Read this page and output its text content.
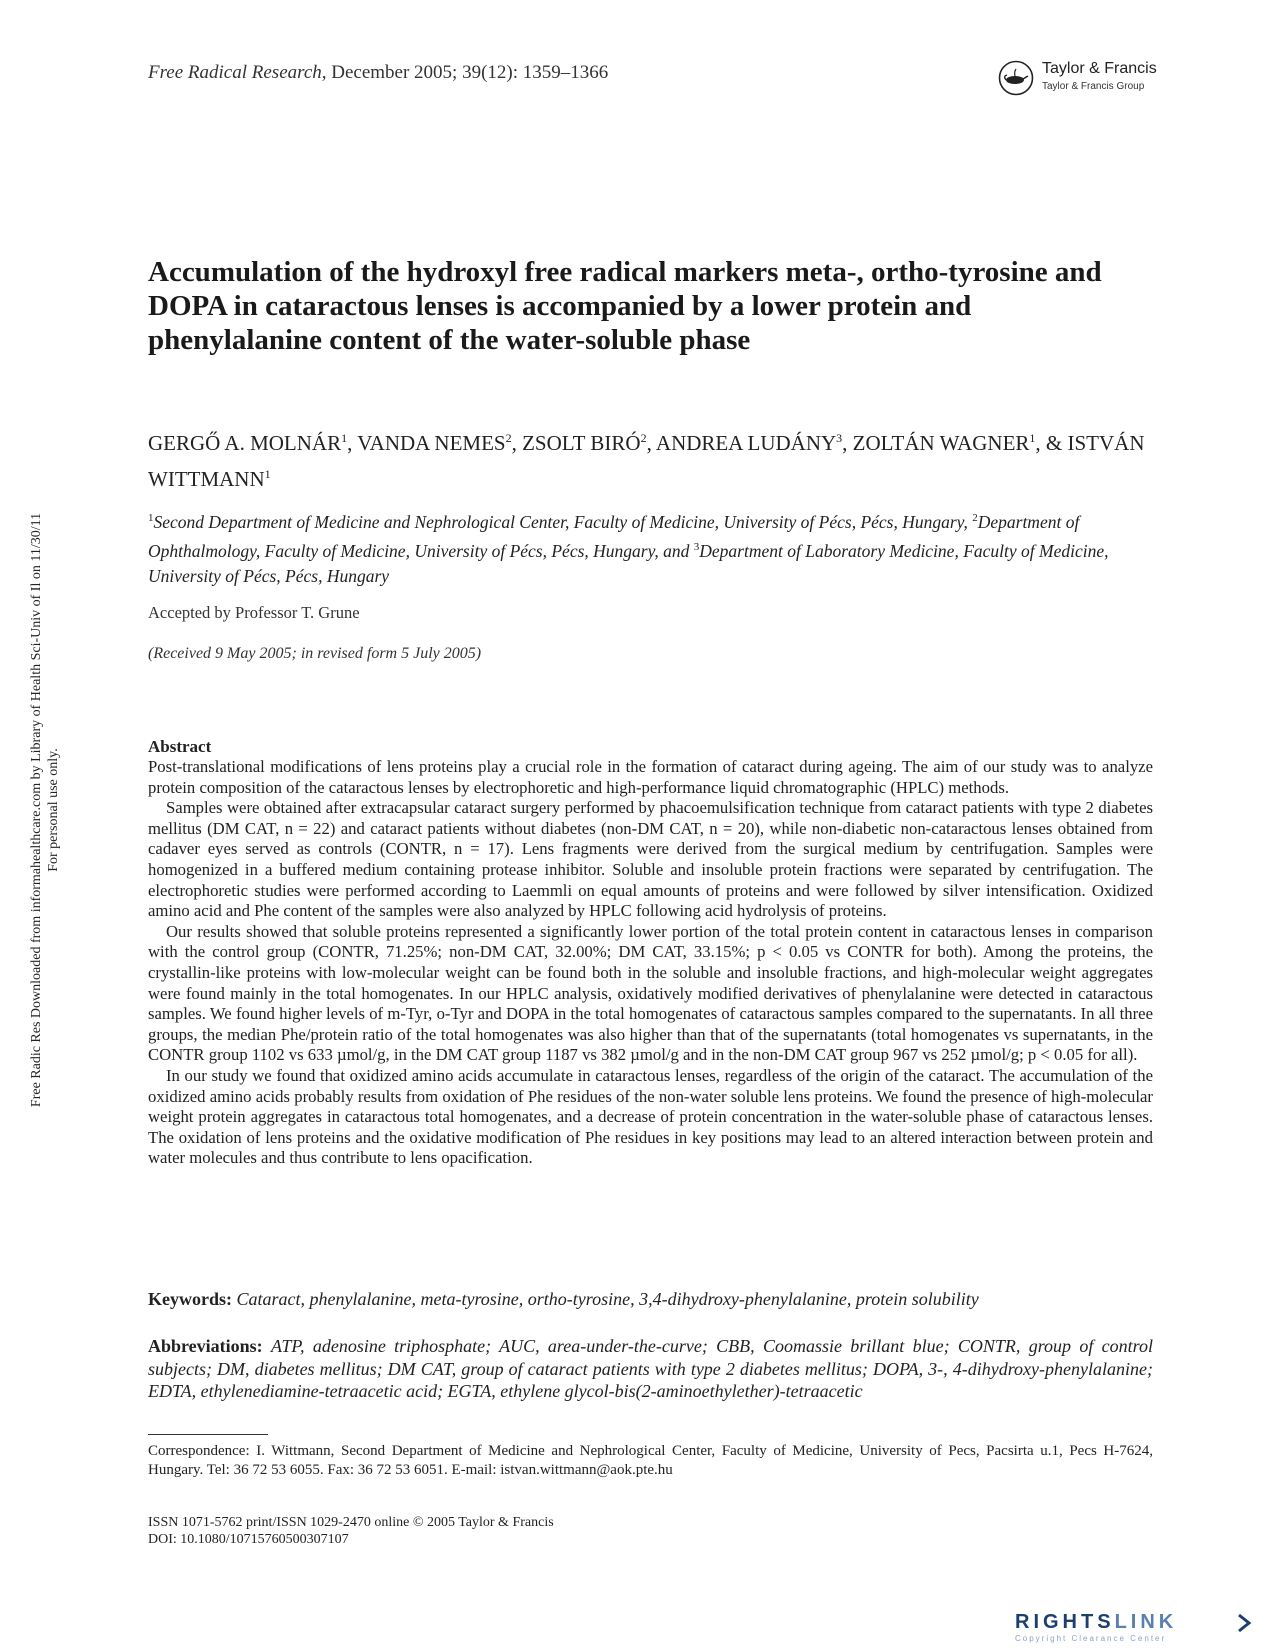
Free Radical Research, December 2005; 39(12): 1359–1366	Taylor & Francis
Taylor & Francis Group
Free Radic Res Downloaded from informahealthcare.com by Library of Health Sci-Univ of Il on 11/30/11 For personal use only.
Accumulation of the hydroxyl free radical markers meta-, ortho-tyrosine and DOPA in cataractous lenses is accompanied by a lower protein and phenylalanine content of the water-soluble phase
GERGŐ A. MOLNÁR$^1$, VANDA NEMES$^2$, ZSOLT BIRÓ$^2$, ANDREA LUDÁNY$^3$, ZOLTÁN WAGNER$^1$, & ISTVÁN WITTMANN$^1$
$^1$Second Department of Medicine and Nephrological Center, Faculty of Medicine, University of Pécs, Pécs, Hungary, $^2$Department of Ophthalmology, Faculty of Medicine, University of Pécs, Pécs, Hungary, and $^3$Department of Laboratory Medicine, Faculty of Medicine, University of Pécs, Pécs, Hungary
Accepted by Professor T. Grune
(Received 9 May 2005; in revised form 5 July 2005)
Abstract

Post-translational modifications of lens proteins play a crucial role in the formation of cataract during ageing. The aim of our study was to analyze protein composition of the cataractous lenses by electrophoretic and high-performance liquid chromatographic (HPLC) methods.

Samples were obtained after extracapsular cataract surgery performed by phacoemulsification technique from cataract patients with type 2 diabetes mellitus (DM CAT, n = 22) and cataract patients without diabetes (non-DM CAT, n = 20), while non-diabetic non-cataractous lenses obtained from cadaver eyes served as controls (CONTR, n = 17). Lens fragments were derived from the surgical medium by centrifugation. Samples were homogenized in a buffered medium containing protease inhibitor. Soluble and insoluble protein fractions were separated by centrifugation. The electrophoretic studies were performed according to Laemmli on equal amounts of proteins and were followed by silver intensification. Oxidized amino acid and Phe content of the samples were also analyzed by HPLC following acid hydrolysis of proteins.

Our results showed that soluble proteins represented a significantly lower portion of the total protein content in cataractous lenses in comparison with the control group (CONTR, 71.25%; non-DM CAT, 32.00%; DM CAT, 33.15%; p < 0.05 vs CONTR for both). Among the proteins, the crystallin-like proteins with low-molecular weight can be found both in the soluble and insoluble fractions, and high-molecular weight aggregates were found mainly in the total homogenates. In our HPLC analysis, oxidatively modified derivatives of phenylalanine were detected in cataractous samples. We found higher levels of m-Tyr, o-Tyr and DOPA in the total homogenates of cataractous samples compared to the supernatants. In all three groups, the median Phe/protein ratio of the total homogenates was also higher than that of the supernatants (total homogenates vs supernatants, in the CONTR group 1102 vs 633 µmol/g, in the DM CAT group 1187 vs 382 µmol/g and in the non-DM CAT group 967 vs 252 µmol/g; p < 0.05 for all).

In our study we found that oxidized amino acids accumulate in cataractous lenses, regardless of the origin of the cataract. The accumulation of the oxidized amino acids probably results from oxidation of Phe residues of the non-water soluble lens proteins. We found the presence of high-molecular weight protein aggregates in cataractous total homogenates, and a decrease of protein concentration in the water-soluble phase of cataractous lenses. The oxidation of lens proteins and the oxidative modification of Phe residues in key positions may lead to an altered interaction between protein and water molecules and thus contribute to lens opacification.

Keywords: Cataract, phenylalanine, meta-tyrosine, ortho-tyrosine, 3,4-dihydroxy-phenylalanine, protein solubility
Abbreviations: ATP, adenosine triphosphate; AUC, area-under-the-curve; CBB, Coomassie brillant blue; CONTR, group of control subjects; DM, diabetes mellitus; DM CAT, group of cataract patients with type 2 diabetes mellitus; DOPA, 3-, 4-dihydroxy-phenylalanine; EDTA, ethylenediamine-tetraacetic acid; EGTA, ethylene glycol-bis(2-aminoethylether)-tetraacetic
Correspondence: I. Wittmann, Second Department of Medicine and Nephrological Center, Faculty of Medicine, University of Pecs, Pacsirta u.1, Pecs H-7624, Hungary. Tel: 36 72 53 6055. Fax: 36 72 53 6051. E-mail: istvan.wittmann@aok.pte.hu
ISSN 1071-5762 print/ISSN 1029-2470 online © 2005 Taylor & Francis
DOI: 10.1080/10715760500307107
RIGHTSLINK
Copyright Clearance Center
